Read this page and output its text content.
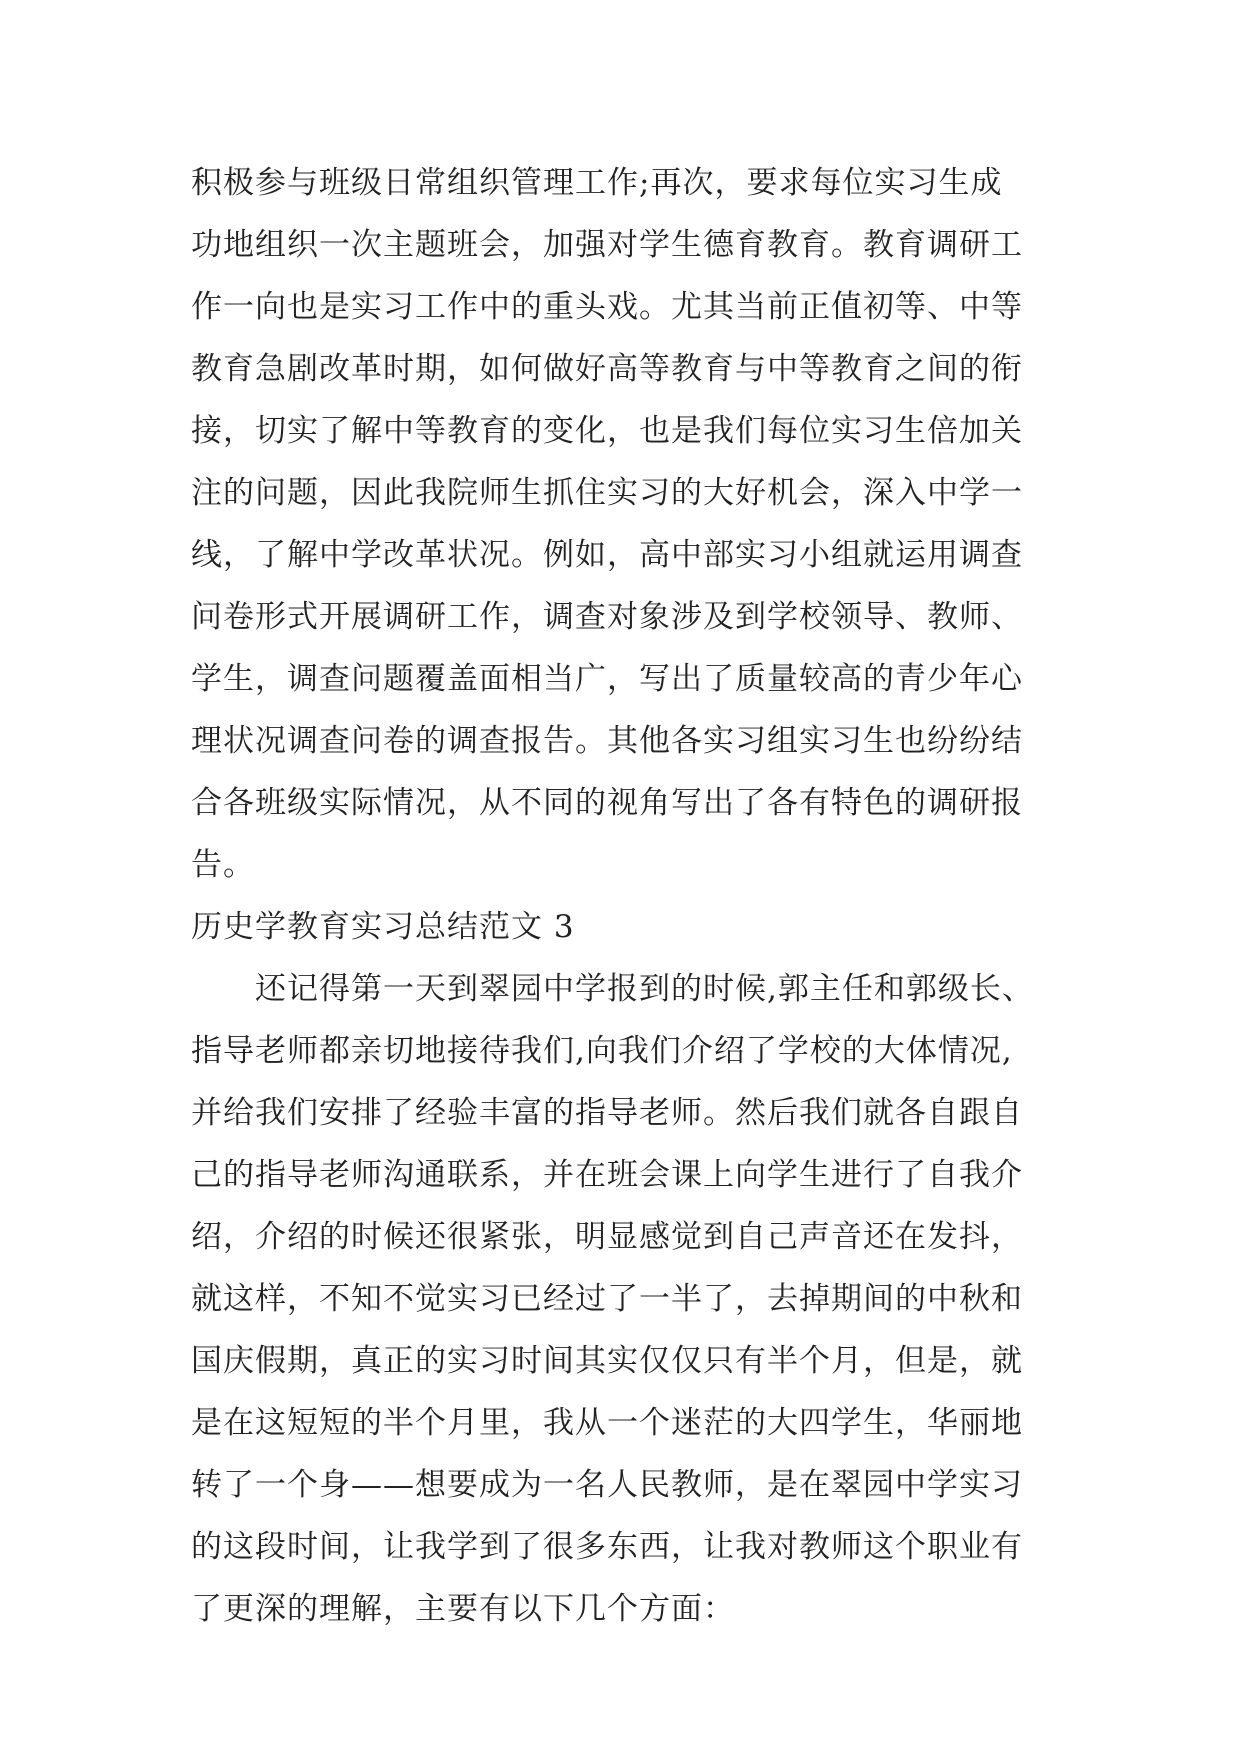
积极参与班级日常组织管理工作;再次，要求每位实习生成
功地组织一次主题班会，加强对学生德育教育。教育调研工
作一向也是实习工作中的重头戏。尤其当前正值初等、中等
教育急剧改革时期，如何做好高等教育与中等教育之间的衔
接，切实了解中等教育的变化，也是我们每位实习生倍加关
注的问题，因此我院师生抓住实习的大好机会，深入中学一
线，了解中学改革状况。例如，高中部实习小组就运用调查
问卷形式开展调研工作，调查对象涉及到学校领导、教师、
学生，调查问题覆盖面相当广，写出了质量较高的青少年心
理状况调查问卷的调查报告。其他各实习组实习生也纷纷结
合各班级实际情况，从不同的视角写出了各有特色的调研报
告。
历史学教育实习总结范文 3
还记得第一天到翠园中学报到的时候,郭主任和郭级长、
指导老师都亲切地接待我们,向我们介绍了学校的大体情况,
并给我们安排了经验丰富的指导老师。然后我们就各自跟自
己的指导老师沟通联系，并在班会课上向学生进行了自我介
绍，介绍的时候还很紧张，明显感觉到自己声音还在发抖，
就这样，不知不觉实习已经过了一半了，去掉期间的中秋和
国庆假期，真正的实习时间其实仅仅只有半个月，但是，就
是在这短短的半个月里，我从一个迷茫的大四学生，华丽地
转了一个身——想要成为一名人民教师，是在翠园中学实习
的这段时间，让我学到了很多东西，让我对教师这个职业有
了更深的理解，主要有以下几个方面：
